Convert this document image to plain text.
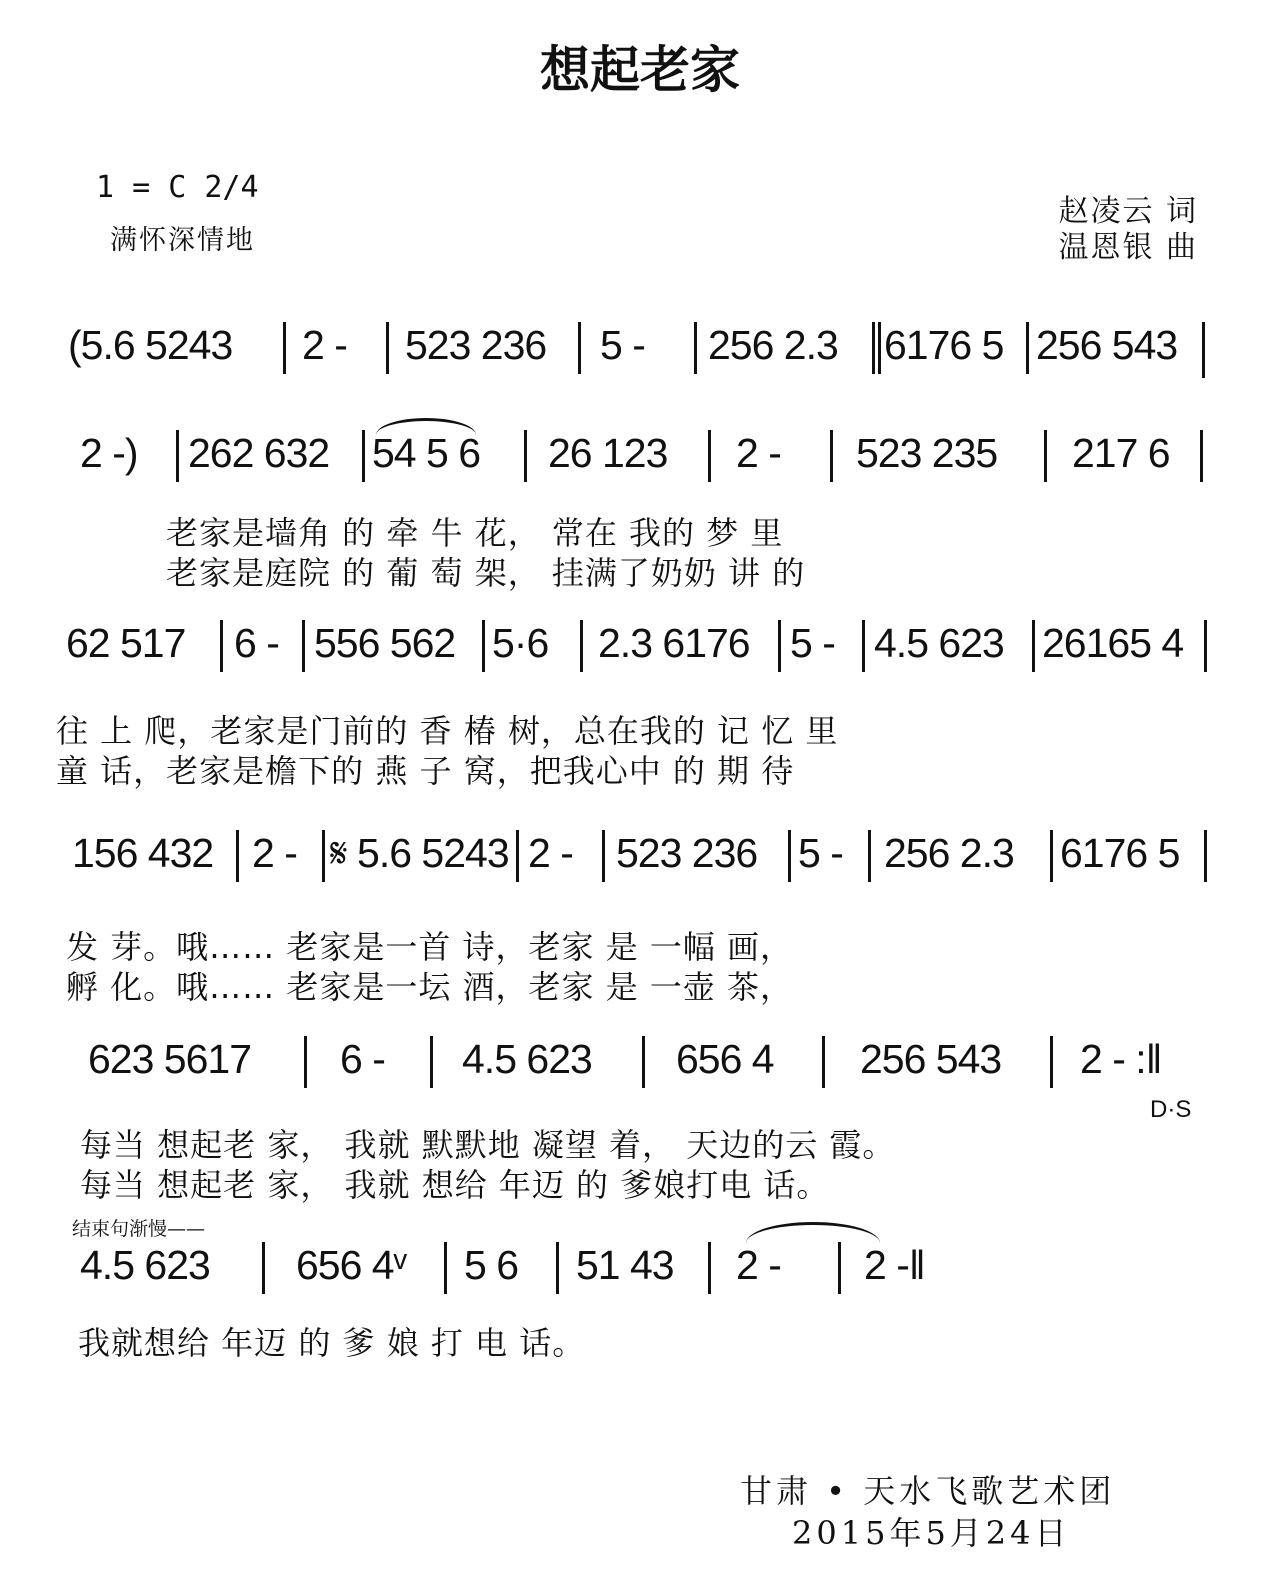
想起老家
1 = C 2/4
满怀深情地
赵凌云 词
温恩银 曲
(5.6 5243 2 - 523 236 5 - 256 2.3 6176 5 256 543
2 -) 262 632 54 5 6 26 123 2 - 523 235 217 6
老家是墙角 的 牵 牛 花， 常在 我的 梦 里
老家是庭院 的 葡 萄 架， 挂满了奶奶 讲 的
62 517 6 - 556 562 5·6 2.3 6176 5 - 4.5 623 26165 4
往 上 爬，老家是门前的 香 椿 树，总在我的 记 忆 里
童 话，老家是檐下的 燕 子 窝，把我心中 的 期 待
156 432 2 - 𝄋 5.6 5243 2 - 523 236 5 - 256 2.3 6176 5
发 芽。哦…… 老家是一首 诗，老家 是 一幅 画，
孵 化。哦…… 老家是一坛 酒，老家 是 一壶 茶，
623 5617 6 - 4.5 623 656 4 256 543 2 - :‖
D·S
每当 想起老 家， 我就 默默地 凝望 着， 天边的云 霞。
每当 想起老 家， 我就 想给 年迈 的 爹娘打电 话。
结束句渐慢——
4.5 623 656 4ᵛ 5 6 51 43 2 - 2 -‖
我就想给 年迈 的 爹 娘 打 电 话。
甘肃 • 天水飞歌艺术团
2015年5月24日
